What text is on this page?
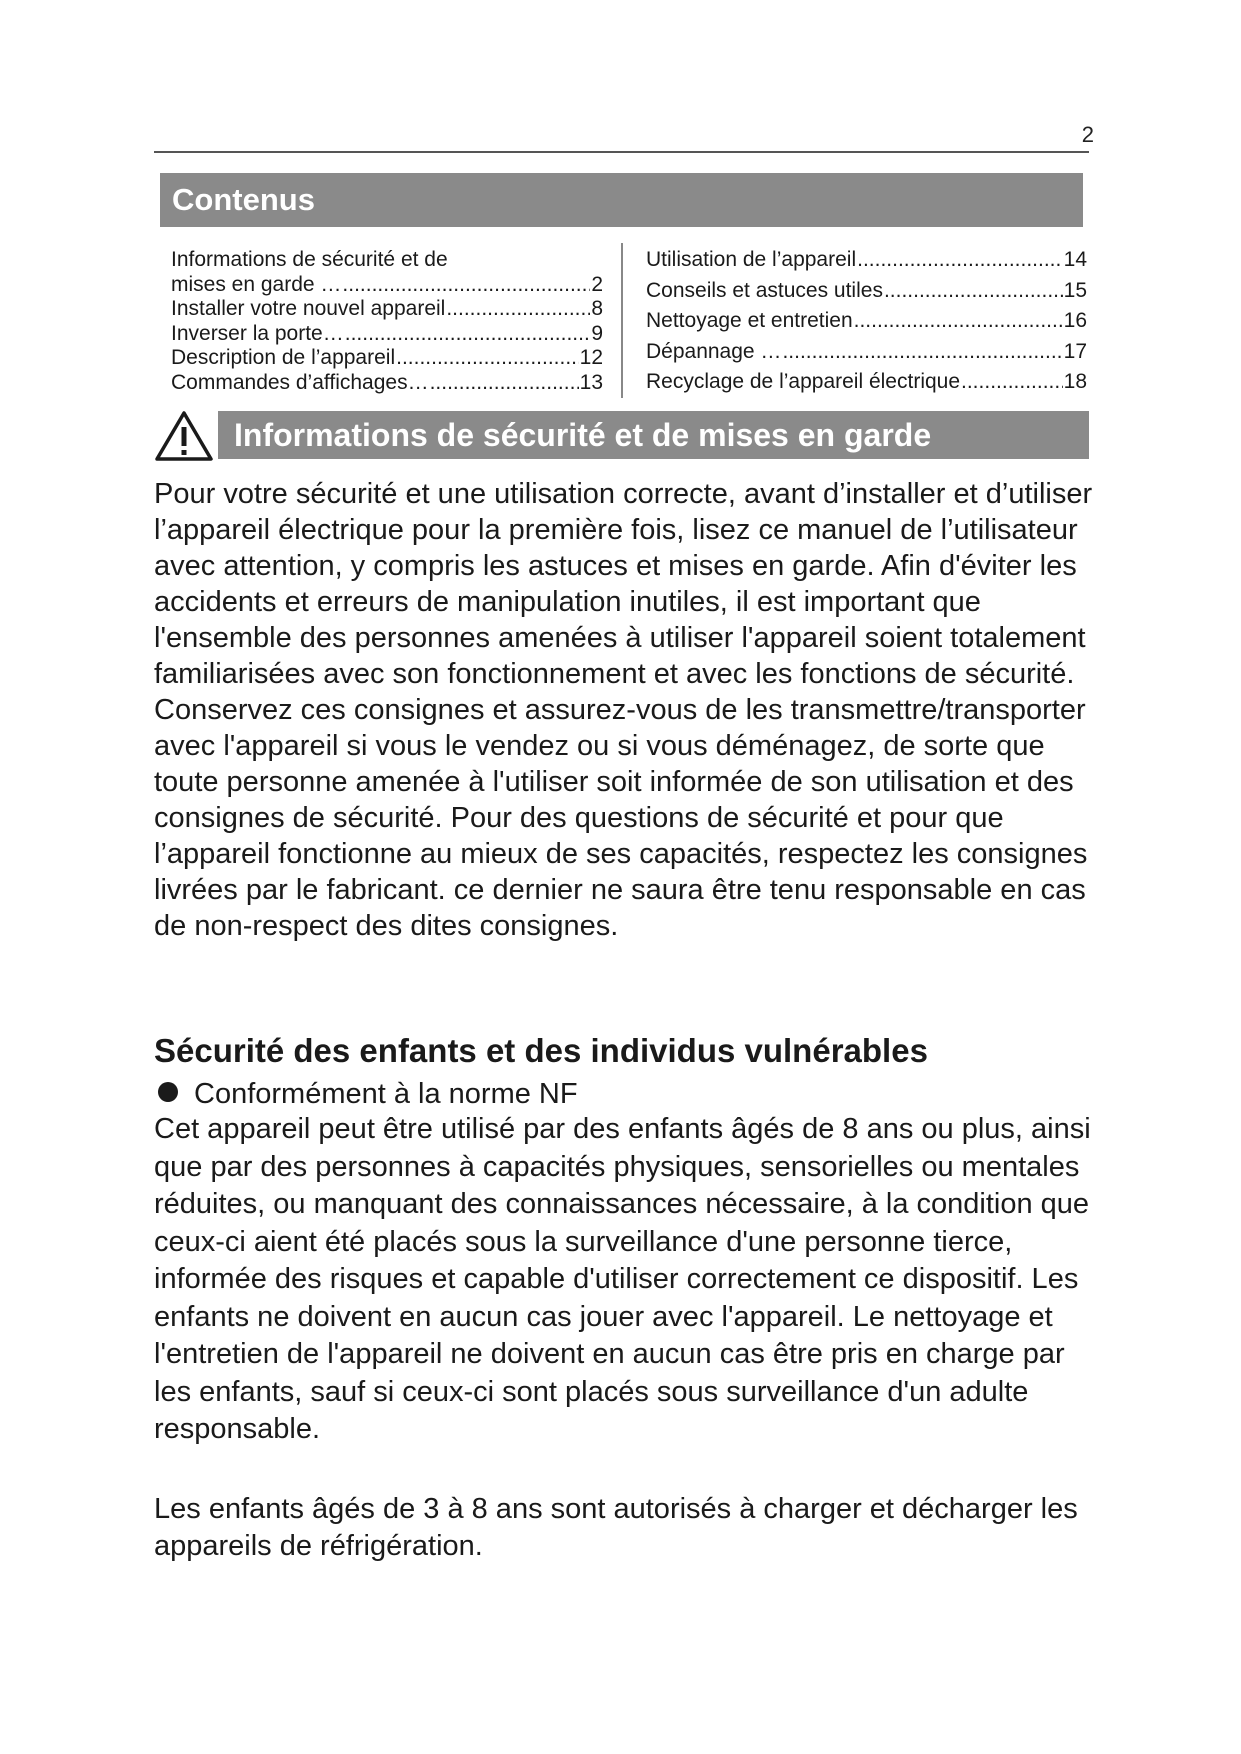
2
Contenus
Informations de sécurité et de
mises en garde … .....	2
Installer votre nouvel appareil .....	8
Inverser la porte… .....	9
Description de l’appareil .....	12
Commandes d’affichages… .....	13
Utilisation de l’appareil .....	14
Conseils et astuces utiles .....	15
Nettoyage et entretien .....	16
Dépannage … .....	17
Recyclage de l’appareil électrique .....	18
Informations de sécurité et de mises en garde

Pour votre sécurité et une utilisation correcte, avant d’installer et d’utiliser l’appareil électrique pour la première fois, lisez ce manuel de l’utilisateur avec attention, y compris les astuces et mises en garde. Afin d'éviter les accidents et erreurs de manipulation inutiles, il est important que l'ensemble des personnes amenées à utiliser l'appareil soient totalement familiarisées avec son fonctionnement et avec les fonctions de sécurité. Conservez ces consignes et assurez-vous de les transmettre/transporter avec l'appareil si vous le vendez ou si vous déménagez, de sorte que toute personne amenée à l'utiliser soit informée de son utilisation et des consignes de sécurité. Pour des questions de sécurité et pour que l’appareil fonctionne au mieux de ses capacités, respectez les consignes livrées par le fabricant. ce dernier ne saura être tenu responsable en cas de non-respect des dites consignes.

Sécurité des enfants et des individus vulnérables
Conformément à la norme NF

Cet appareil peut être utilisé par des enfants âgés de 8 ans ou plus, ainsi que par des personnes à capacités physiques, sensorielles ou mentales réduites, ou manquant des connaissances nécessaire, à la condition que ceux-ci aient été placés sous la surveillance d'une personne tierce, informée des risques et capable d'utiliser correctement ce dispositif. Les enfants ne doivent en aucun cas jouer avec l'appareil. Le nettoyage et l'entretien de l'appareil ne doivent en aucun cas être pris en charge par les enfants, sauf si ceux-ci sont placés sous surveillance d'un adulte responsable.

Les enfants âgés de 3 à 8 ans sont autorisés à charger et décharger les appareils de réfrigération.
